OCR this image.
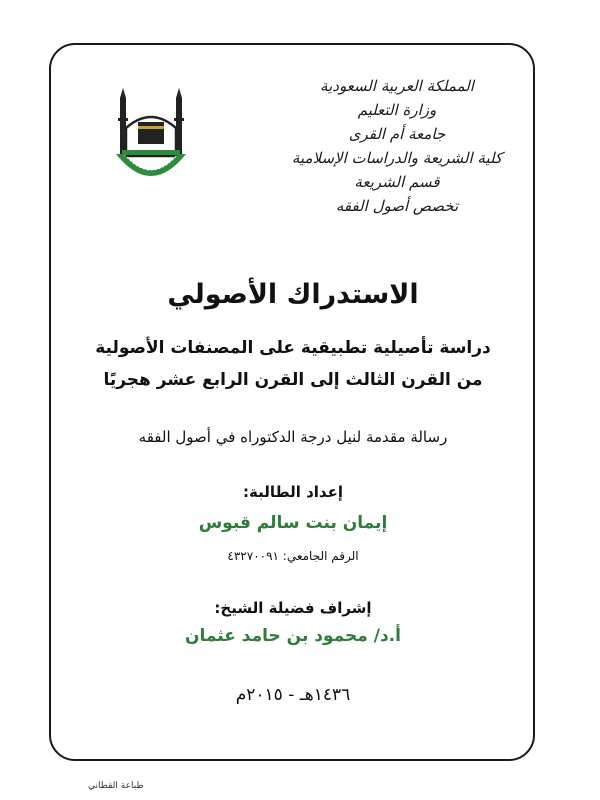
المملكة العربية السعودية
وزارة التعليم
جامعة أم القرى
كلية الشريعة والدراسات الإسلامية
قسم الشريعة
تخصص أصول الفقه
الاستدراك الأصولي
دراسة تأصيلية تطبيقية على المصنفات الأصولية
من القرن الثالث إلى القرن الرابع عشر هجريًا
رسالة مقدمة لنيل درجة الدكتوراه في أصول الفقه
إعداد الطالبة:
إيمان بنت سالم قبوس
الرقم الجامعي: ٤٣٢٧٠٠٩١
إشراف فضيلة الشيخ:
أ.د/ محمود بن حامد عثمان
١٤٣٦هـ - ٢٠١٥م
طباعة القطاني
